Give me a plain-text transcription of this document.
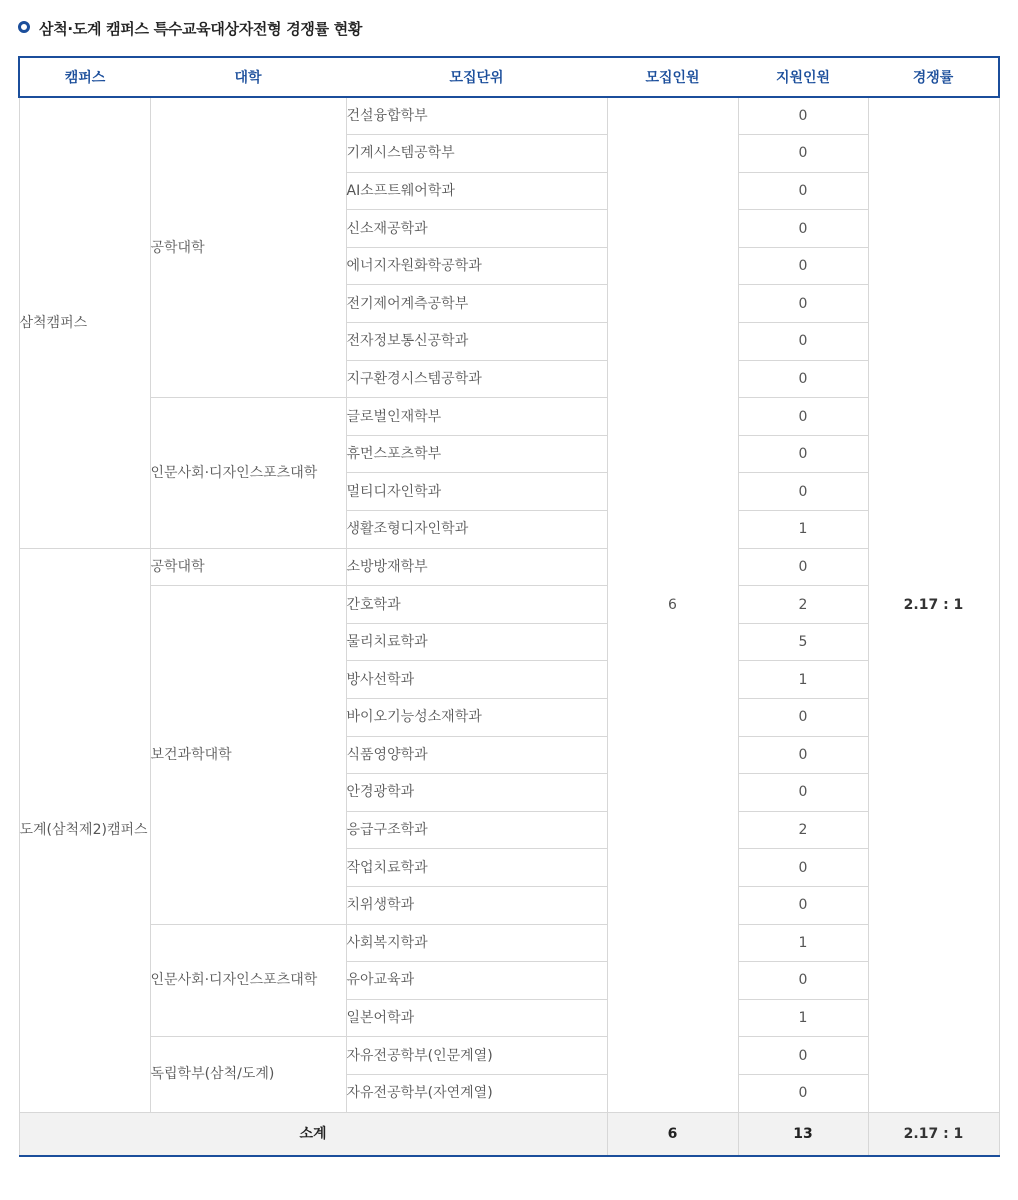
삼척·도계 캠퍼스 특수교육대상자전형 경쟁률 현황
캠퍼스	대학	모집단위	모집인원	지원인원	경쟁률
삼척캠퍼스	공학대학	건설융합학부	6	0	2.17 : 1
		기계시스템공학부		0	
		AI소프트웨어학과		0	
		신소재공학과		0	
		에너지자원화학공학과		0	
		전기제어계측공학부		0	
		전자정보통신공학과		0	
		지구환경시스템공학과		0	
	인문사회·디자인스포츠대학	글로벌인재학부		0	
		휴먼스포츠학부		0	
		멀티디자인학과		0	
		생활조형디자인학과		1	
도계(삼척제2)캠퍼스	공학대학	소방방재학부		0	
	보건과학대학	간호학과		2	
		물리치료학과		5	
		방사선학과		1	
		바이오기능성소재학과		0	
		식품영양학과		0	
		안경광학과		0	
		응급구조학과		2	
		작업치료학과		0	
		치위생학과		0	
	인문사회·디자인스포츠대학	사회복지학과		1	
		유아교육과		0	
		일본어학과		1	
	독립학부(삼척/도계)	자유전공학부(인문계열)		0	
		자유전공학부(자연계열)		0	
소계			6	13	2.17 : 1
